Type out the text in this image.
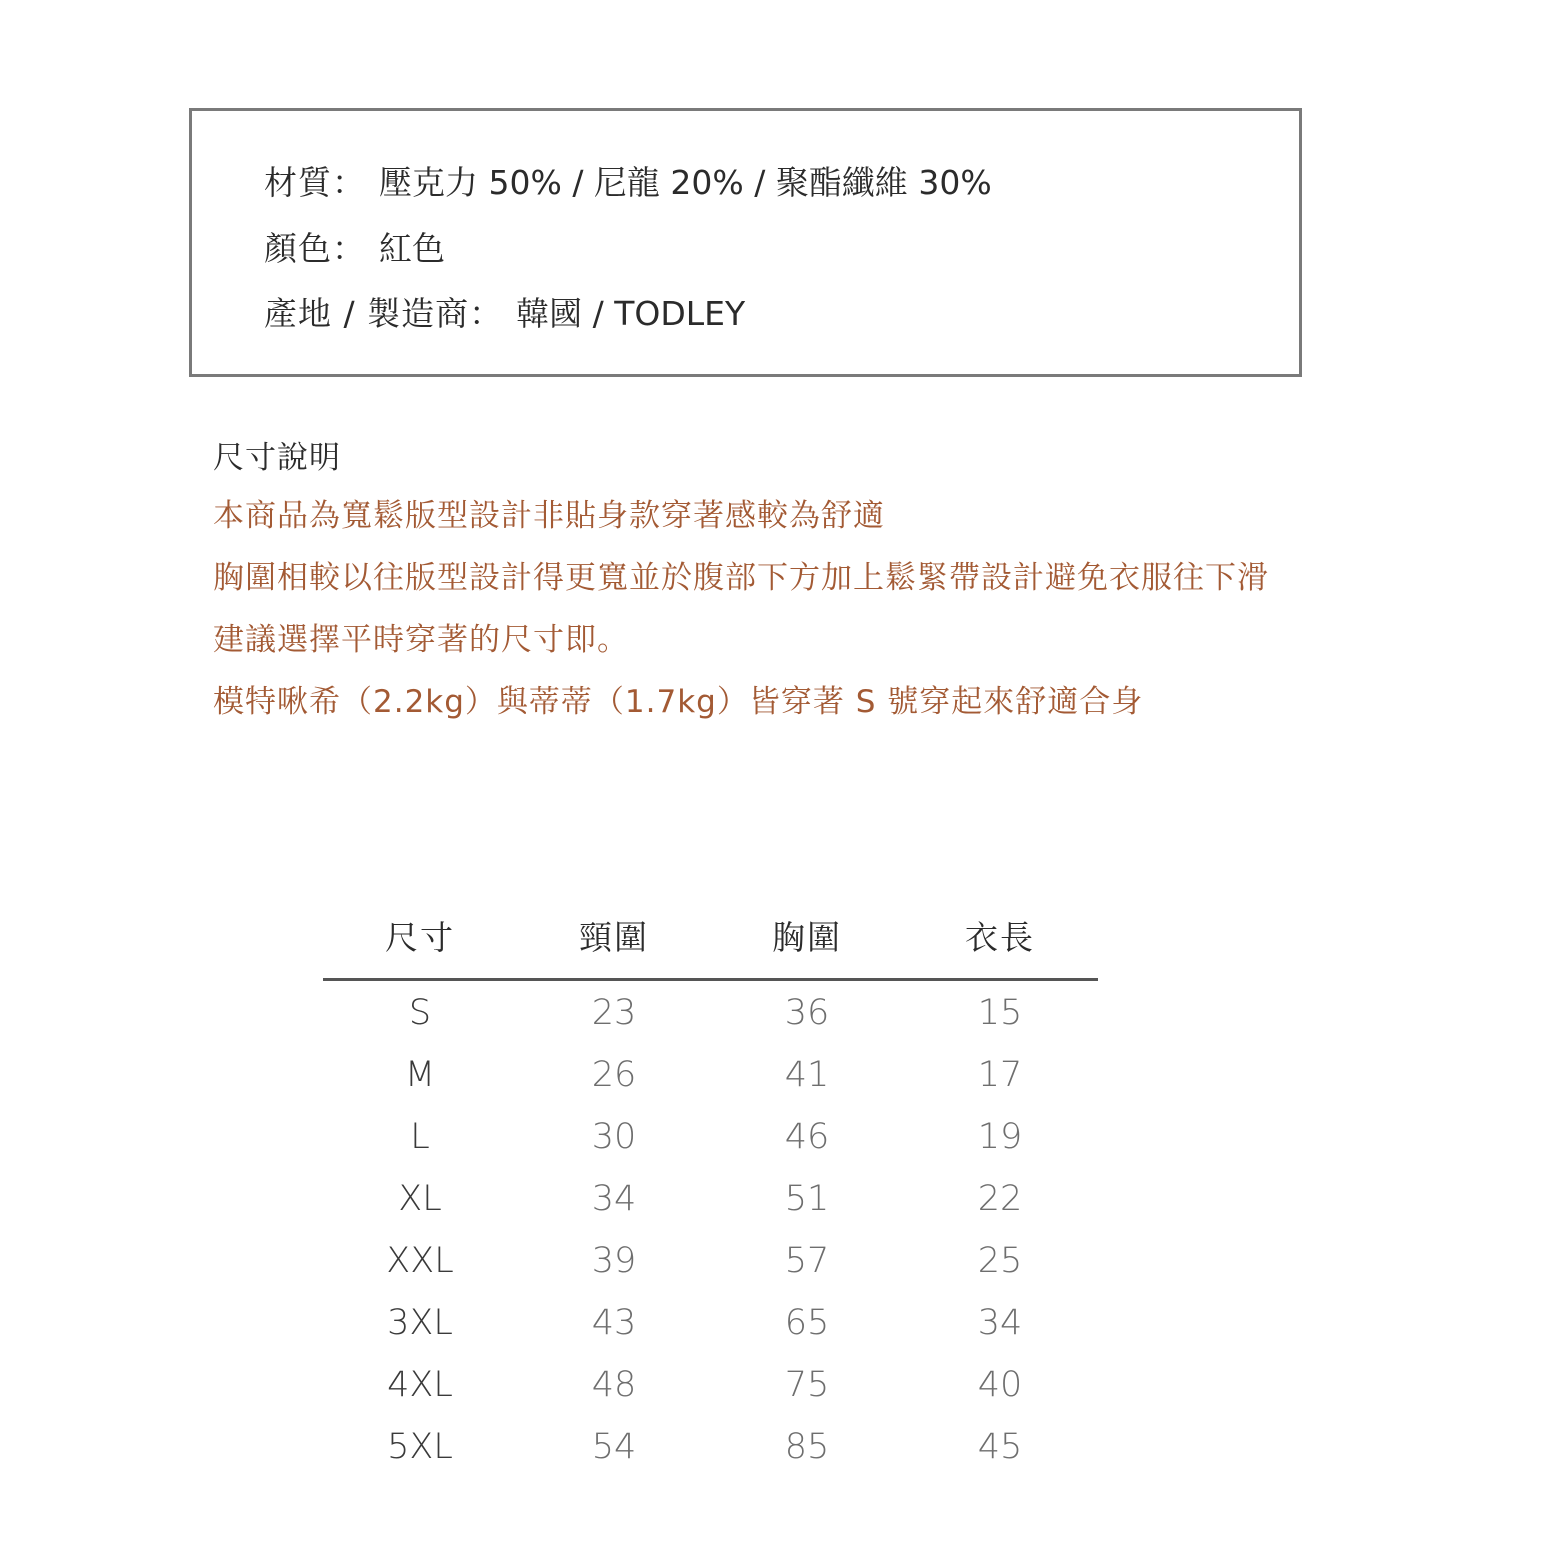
材質： 壓克力 50% / 尼龍 20% / 聚酯纖維 30%
顏色： 紅色
產地 / 製造商： 韓國 / TODLEY
尺寸說明
本商品為寬鬆版型設計非貼身款穿著感較為舒適
胸圍相較以往版型設計得更寬並於腹部下方加上鬆緊帶設計避免衣服往下滑
建議選擇平時穿著的尺寸即。
模特啾希（2.2kg）與蒂蒂（1.7kg）皆穿著 S 號穿起來舒適合身
尺寸	頸圍	胸圍	衣長
S	23	36	15
M	26	41	17
L	30	46	19
XL	34	51	22
XXL	39	57	25
3XL	43	65	34
4XL	48	75	40
5XL	54	85	45
